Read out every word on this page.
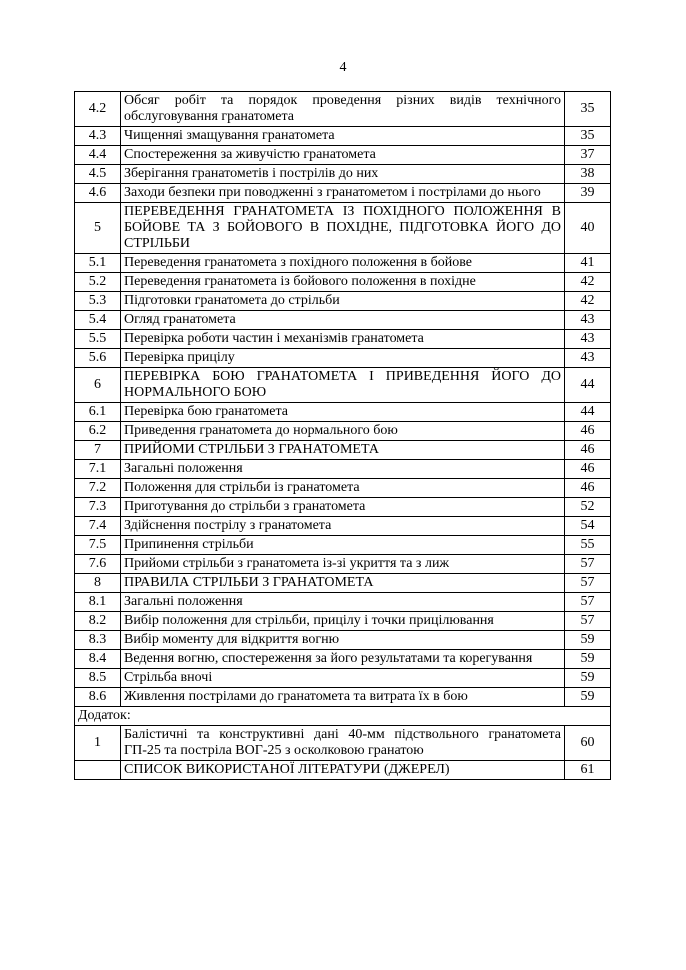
4
4.2	Обсяг робіт та порядок проведення різних видів технічного обслуговування гранатомета	35
4.3	Чищенняі змащування гранатомета	35
4.4	Спостереження за живучістю гранатомета	37
4.5	Зберігання гранатометів і пострілів до них	38
4.6	Заходи безпеки при поводженні з гранатометом і пострілами до нього	39
5	ПЕРЕВЕДЕННЯ ГРАНАТОМЕТА ІЗ ПОХІДНОГО ПОЛОЖЕННЯ В БОЙОВЕ ТА З БОЙОВОГО В ПОХІДНЕ, ПІДГОТОВКА ЙОГО ДО СТРІЛЬБИ	40
5.1	Переведення гранатомета з похідного положення в бойове	41
5.2	Переведення гранатомета із бойового положення в похідне	42
5.3	Підготовки гранатомета до стрільби	42
5.4	Огляд гранатомета	43
5.5	Перевірка роботи частин і механізмів гранатомета	43
5.6	Перевірка прицілу	43
6	ПЕРЕВІРКА БОЮ ГРАНАТОМЕТА І ПРИВЕДЕННЯ ЙОГО ДО НОРМАЛЬНОГО БОЮ	44
6.1	Перевірка бою гранатомета	44
6.2	Приведення гранатомета до нормального бою	46
7	ПРИЙОМИ СТРІЛЬБИ З ГРАНАТОМЕТА	46
7.1	Загальні положення	46
7.2	Положення для стрільби із гранатомета	46
7.3	Приготування до стрільби з гранатомета	52
7.4	Здійснення пострілу з гранатомета	54
7.5	Припинення стрільби	55
7.6	Прийоми стрільби з гранатомета із-зі укриття та з лиж	57
8	ПРАВИЛА СТРІЛЬБИ З ГРАНАТОМЕТА	57
8.1	Загальні положення	57
8.2	Вибір положення для стрільби, прицілу і точки прицілювання	57
8.3	Вибір моменту для відкриття вогню	59
8.4	Ведення вогню, спостереження за його результатами та корегування	59
8.5	Стрільба вночі	59
8.6	Живлення пострілами до гранатомета та витрата їх в бою	59
Додаток:		
1	Балістичні та конструктивні дані 40-мм підствольного гранатомета ГП-25 та пострілa ВОГ-25 з осколковою гранатою	60
	СПИСОК ВИКОРИСТАНОЇ ЛІТЕРАТУРИ (ДЖЕРЕЛ)	61
